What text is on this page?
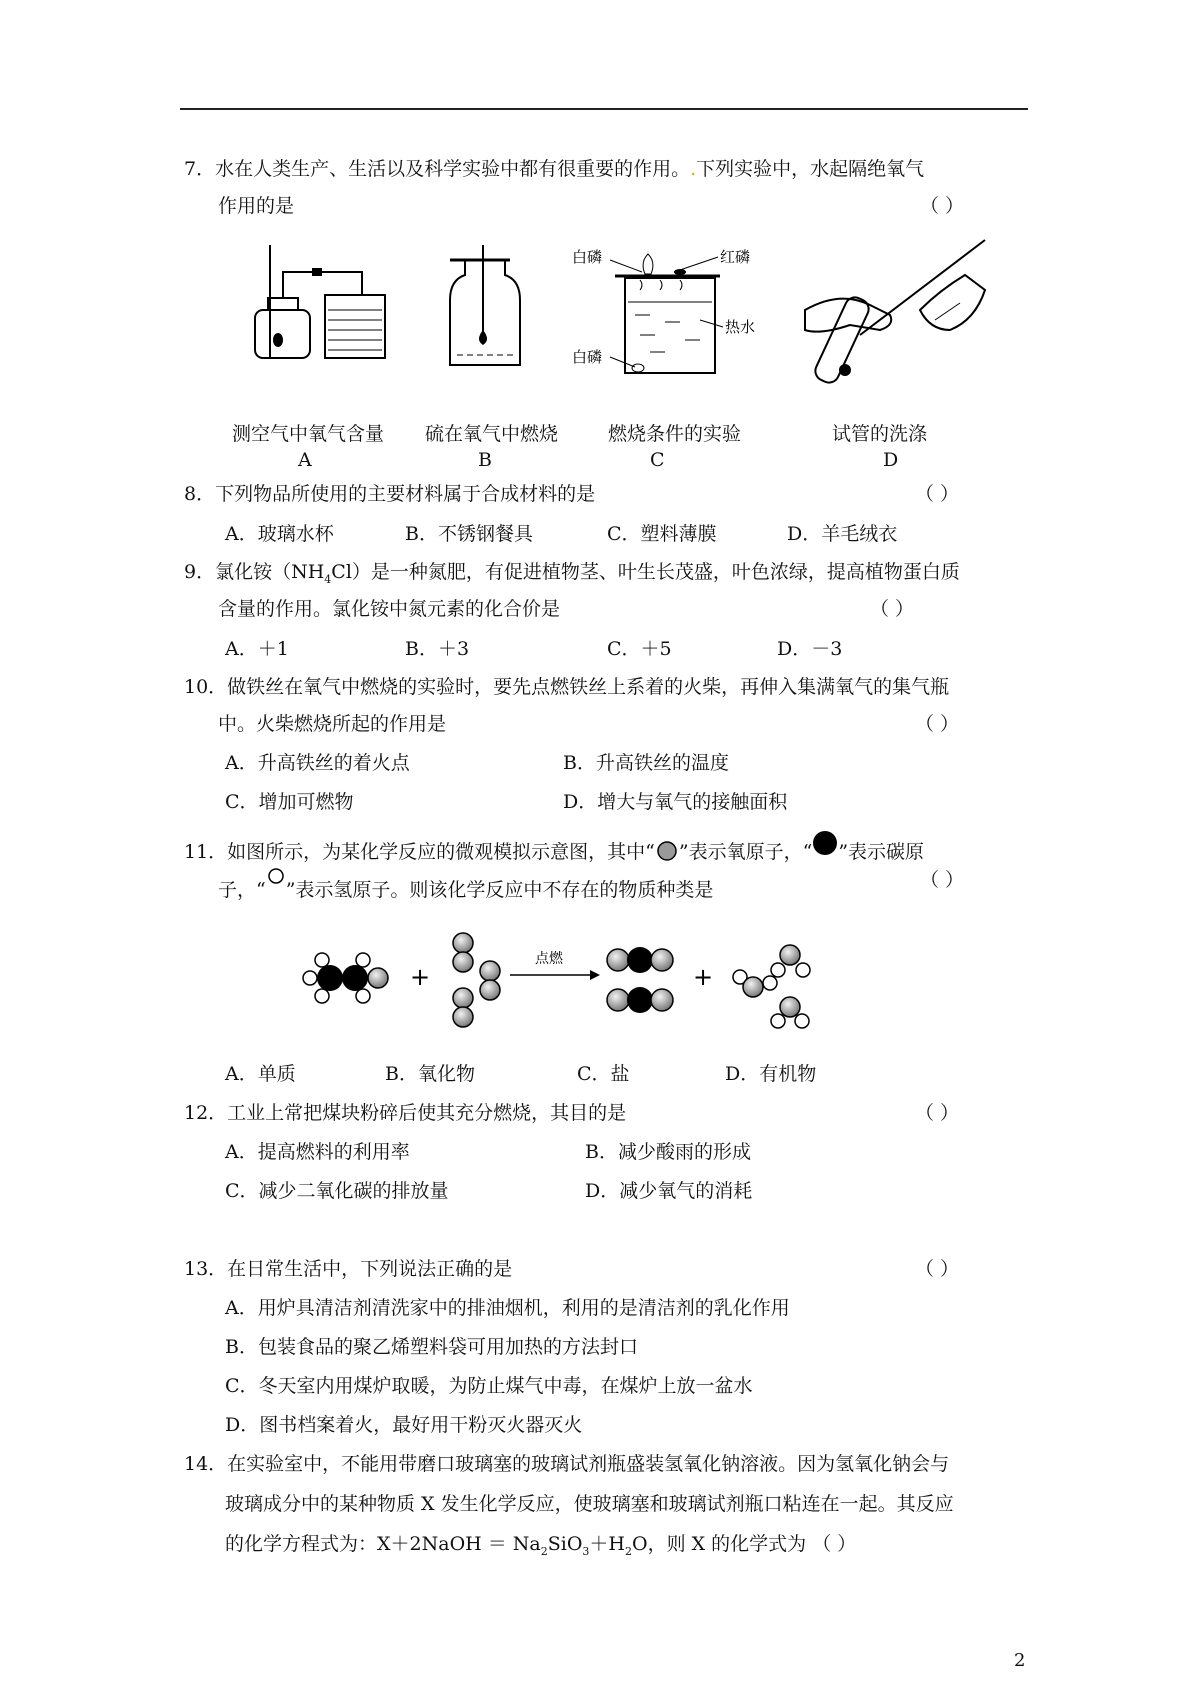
7．水在人类生产、生活以及科学实验中都有很重要的作用。.下列实验中，水起隔绝氧气
作用的是	（ ）
白磷	红磷
热水
白磷
测空气中氧气含量
A
硫在氧气中燃烧
B
燃烧条件的实验
C
试管的洗涤
D
8．下列物品所使用的主要材料属于合成材料的是	（ ）
A．玻璃水杯	B．不锈钢餐具	C．塑料薄膜	D．羊毛绒衣
9．氯化铵$(NH_4Cl)$是一种氮肥，有促进植物茎、叶生长茂盛，叶色浓绿，提高植物蛋白质
含量的作用。氯化铵中氮元素的化合价是	（ ）
A．＋1	B．＋3	C．＋5	D．－3
10．做铁丝在氧气中燃烧的实验时，要先点燃铁丝上系着的火柴，再伸入集满氧气的集气瓶
中。火柴燃烧所起的作用是	（ ）
A．升高铁丝的着火点	B．升高铁丝的温度
C．增加可燃物	D．增大与氧气的接触面积
11．如图所示，为某化学反应的微观模拟示意图，其中“ ”表示氧原子，“ ”表示碳原
子，“ ”表示氢原子。则该化学反应中不存在的物质种类是	（ ）
+
点燃
+
A．单质	B．氧化物	C．盐	D．有机物
12．工业上常把煤块粉碎后使其充分燃烧，其目的是	（ ）
A．提高燃料的利用率	B．减少酸雨的形成
C．减少二氧化碳的排放量	D．减少氧气的消耗
13．在日常生活中，下列说法正确的是	（ ）
A．用炉具清洁剂清洗家中的排油烟机，利用的是清洁剂的乳化作用
B．包装食品的聚乙烯塑料袋可用加热的方法封口
C．冬天室内用煤炉取暖，为防止煤气中毒，在煤炉上放一盆水
D．图书档案着火，最好用干粉灭火器灭火
14．在实验室中，不能用带磨口玻璃塞的玻璃试剂瓶盛装氢氧化钠溶液。因为氢氧化钠会与
玻璃成分中的某种物质 X 发生化学反应，使玻璃塞和玻璃试剂瓶口粘连在一起。其反应
的化学方程式为：X＋2NaOH ＝ $Na_2SiO_3+H_2O$，则 X 的化学式为 （ ）
2
